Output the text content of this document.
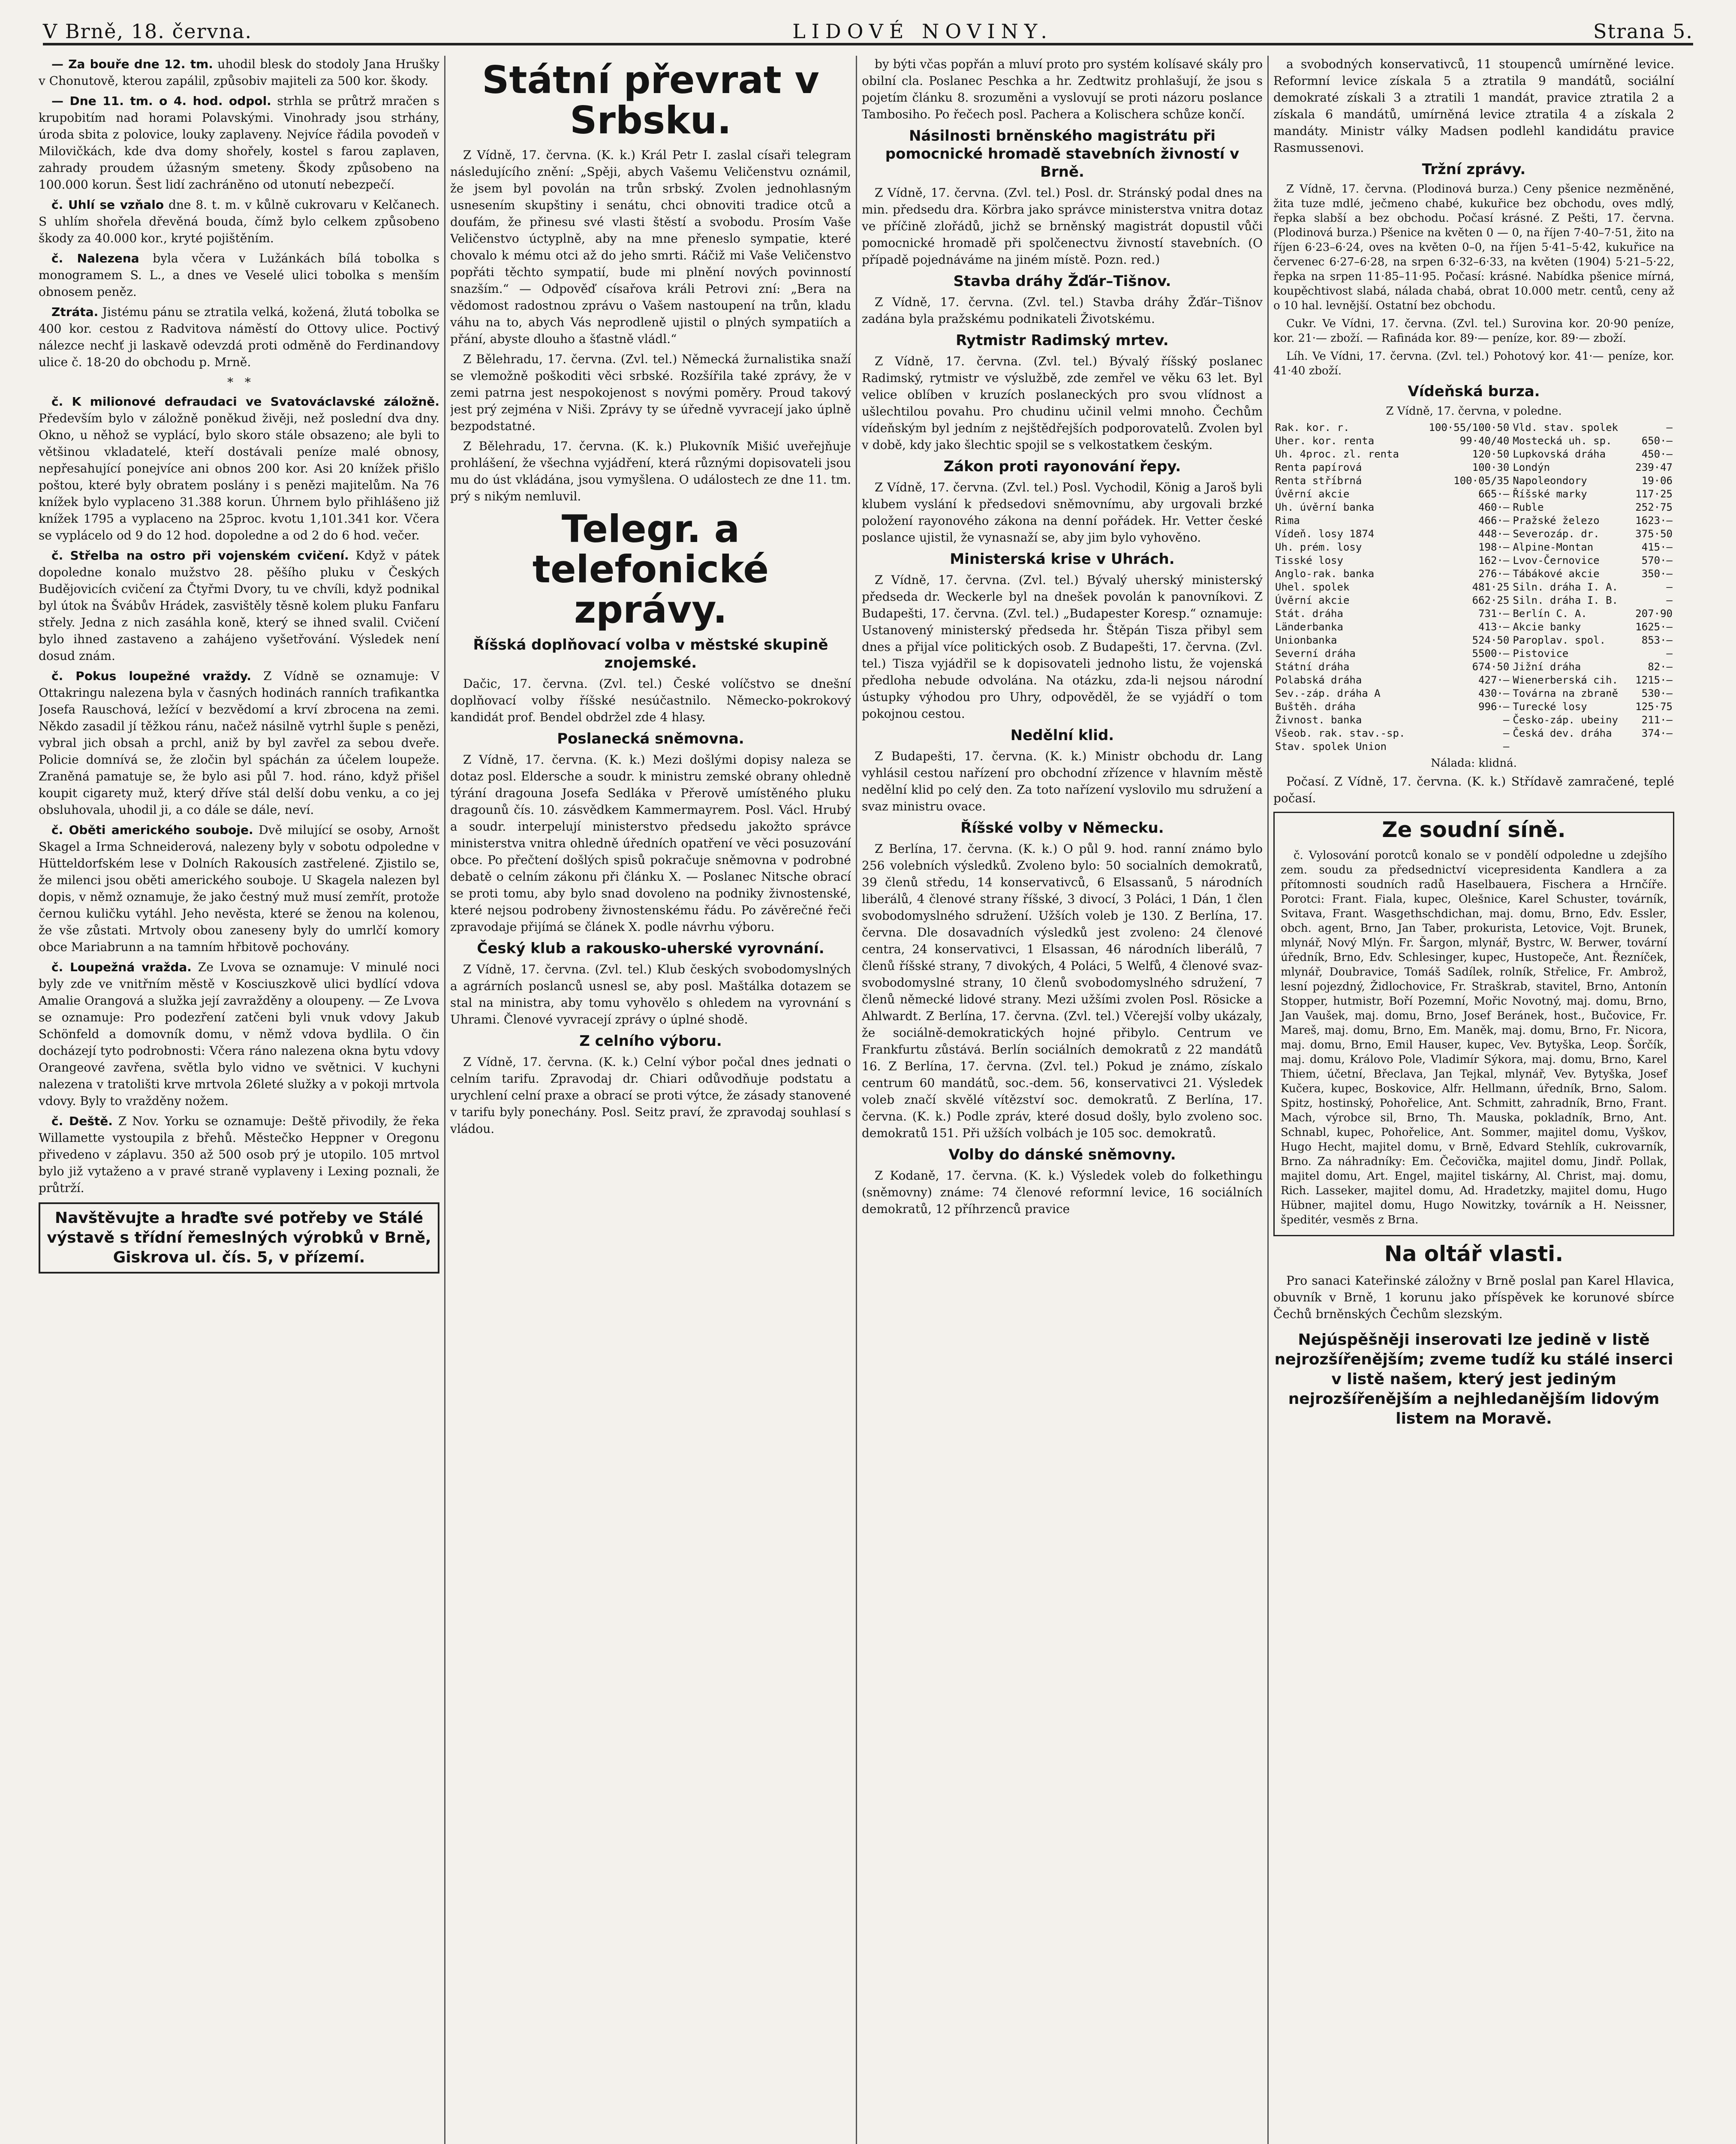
V Brně, 18. června.	LIDOVÉ NOVINY.	Strana 5.

— Za bouře dne 12. tm. uhodil blesk do stodoly Jana Hrušky v Chonutově, kterou zapálil, způsobiv majiteli za 500 kor. škody.

— Dne 11. tm. o 4. hod. odpol. strhla se průtrž mračen s krupobitím nad horami Polavskými. Vinohrady jsou strhány, úroda sbita z polovice, louky zaplaveny. Nejvíce řádila povodeň v Milovičkách, kde dva domy shořely, kostel s farou zaplaven, zahrady proudem úžasným smeteny. Škody způsobeno na 100.000 korun. Šest lidí zachráněno od utonutí nebezpečí.

č. Uhlí se vzňalo dne 8. t. m. v kůlně cukrovaru v Kelčanech. S uhlím shořela dřevěná bouda, čímž bylo celkem způsobeno škody za 40.000 kor., kryté pojištěním.

č. Nalezena byla včera v Lužánkách bílá tobolka s monogramem S. L., a dnes ve Veselé ulici tobolka s menším obnosem peněz.

Ztráta. Jistému pánu se ztratila velká, kožená, žlutá tobolka se 400 kor. cestou z Radvitova náměstí do Ottovy ulice. Poctivý nálezce nechť ji laskavě odevzdá proti odměně do Ferdinandovy ulice č. 18-20 do obchodu p. Mrně.

*   *

č. K milionové defraudaci ve Svatováclavské záložně. Především bylo v záložně poněkud živěji, než poslední dva dny. Okno, u něhož se vyplácí, bylo skoro stále obsazeno; ale byli to většinou vkladatelé, kteří dostávali peníze malé obnosy, nepřesahující ponejvíce ani obnos 200 kor. Asi 20 knížek přišlo poštou, které byly obratem poslány i s penězi majitelům. Na 76 knížek bylo vyplaceno 31.388 korun. Úhrnem bylo přihlášeno již knížek 1795 a vyplaceno na 25proc. kvotu 1,101.341 kor. Včera se vyplácelo od 9 do 12 hod. dopoledne a od 2 do 6 hod. večer.

č. Střelba na ostro při vojenském cvičení. Když v pátek dopoledne konalo mužstvo 28. pěšího pluku v Českých Budějovicích cvičení za Čtyřmi Dvory, tu ve chvíli, když podnikal byl útok na Švábův Hrádek, zasvištěly těsně kolem pluku Fanfaru střely. Jedna z nich zasáhla koně, který se ihned svalil. Cvičení bylo ihned zastaveno a zahájeno vyšetřování. Výsledek není dosud znám.

č. Pokus loupežné vraždy. Z Vídně se oznamuje: V Ottakringu nalezena byla v časných hodinách ranních trafikantka Josefa Rauschová, ležící v bezvědomí a krví zbrocena na zemi. Někdo zasadil jí těžkou ránu, načež násilně vytrhl šuple s penězi, vybral jich obsah a prchl, aniž by byl zavřel za sebou dveře. Policie domnívá se, že zločin byl spáchán za účelem loupeže. Zraněná pamatuje se, že bylo asi půl 7. hod. ráno, když přišel koupit cigarety muž, který dříve stál delší dobu venku, a co jej obsluhovala, uhodil ji, a co dále se dále, neví.

č. Oběti amerického souboje. Dvě milující se osoby, Arnošt Skagel a Irma Schneiderová, nalezeny byly v sobotu odpoledne v Hütteldorfském lese v Dolních Rakousích zastřelené. Zjistilo se, že milenci jsou oběti amerického souboje. U Skagela nalezen byl dopis, v němž oznamuje, že jako čestný muž musí zemřít, protože černou kuličku vytáhl. Jeho nevěsta, které se ženou na kolenou, že vše zůstati. Mrtvoly obou zaneseny byly do umrlčí komory obce Mariabrunn a na tamním hřbitově pochovány.

č. Loupežná vražda. Ze Lvova se oznamuje: V minulé noci byly zde ve vnitřním městě v Kosciuszkově ulici bydlící vdova Amalie Orangová a služka její zavražděny a oloupeny. — Ze Lvova se oznamuje: Pro podezření zatčeni byli vnuk vdovy Jakub Schönfeld a domovník domu, v němž vdova bydlila. O čin docházejí tyto podrobnosti: Včera ráno nalezena okna bytu vdovy Orangeové zavřena, světla bylo vidno ve světnici. V kuchyni nalezena v tratolišti krve mrtvola 26leté služky a v pokoji mrtvola vdovy. Byly to vražděny nožem.

č. Deště. Z Nov. Yorku se oznamuje: Deště přivodily, že řeka Willamette vystoupila z břehů. Městečko Heppner v Oregonu přivedeno v záplavu. 350 až 500 osob prý je utopilo. 105 mrtvol bylo již vytaženo a v pravé straně vyplaveny i Lexing poznali, že průtrží.

Navštěvujte a hraďte své potřeby ve Stálé výstavě s třídní řemeslných výrobků v Brně, Giskrova ul. čís. 5, v přízemí.
Státní převrat v Srbsku.

Z Vídně, 17. června. (K. k.) Král Petr I. zaslal císaři telegram následujícího znění: „Spěji, abych Vašemu Veličenstvu oznámil, že jsem byl povolán na trůn srbský. Zvolen jednohlasným usnesením skupštiny i senátu, chci obnoviti tradice otců a doufám, že přinesu své vlasti štěstí a svobodu. Prosím Vaše Veličenstvo úctyplně, aby na mne přeneslo sympatie, které chovalo k mému otci až do jeho smrti. Ráčiž mi Vaše Veličenstvo popřáti těchto sympatií, bude mi plnění nových povinností snazším.“ — Odpověď císařova králi Petrovi zní: „Bera na vědomost radostnou zprávu o Vašem nastoupení na trůn, kladu váhu na to, abych Vás neprodleně ujistil o plných sympatiích a přání, abyste dlouho a šťastně vládl.“

Z Bělehradu, 17. června. (Zvl. tel.) Německá žurnalistika snaží se vlemožně poškoditi věci srbské. Rozšířila také zprávy, že v zemi patrna jest nespokojenost s novými poměry. Proud takový jest prý zejména v Niši. Zprávy ty se úředně vyvracejí jako úplně bezpodstatné.

Z Bělehradu, 17. června. (K. k.) Plukovník Mišić uveřejňuje prohlášení, že všechna vyjádření, která různými dopisovateli jsou mu do úst vkládána, jsou vymyšlena. O událostech ze dne 11. tm. prý s nikým nemluvil.

Telegr. a telefonické zprávy.
Říšská doplňovací volba v městské skupině znojemské.

Dačic, 17. června. (Zvl. tel.) České volíčstvo se dnešní doplňovací volby říšské nesúčastnilo. Německo-pokrokový kandidát prof. Bendel obdržel zde 4 hlasy.

Poslanecká sněmovna.

Z Vídně, 17. června. (K. k.) Mezi došlými dopisy naleza se dotaz posl. Eldersche a soudr. k ministru zemské obrany ohledně týrání dragouna Josefa Sedláka v Přerově umístěného pluku dragounů čís. 10. zásvědkem Kammermayrem. Posl. Václ. Hrubý a soudr. interpelují ministerstvo předsedu jakožto správce ministerstva vnitra ohledně úředních opatření ve věci posuzování obce. Po přečtení došlých spisů pokračuje sněmovna v podrobné debatě o celním zákonu při článku X. — Poslanec Nitsche obrací se proti tomu, aby bylo snad dovoleno na podniky živnostenské, které nejsou podrobeny živnostenskému řádu. Po závěrečné řeči zpravodaje přijímá se článek X. podle návrhu výboru.

Český klub a rakousko-uherské vyrovnání.

Z Vídně, 17. června. (Zvl. tel.) Klub českých svobodomyslných a agrárních poslanců usnesl se, aby posl. Maštálka dotazem se stal na ministra, aby tomu vyhovělo s ohledem na vyrovnání s Uhrami. Členové vyvracejí zprávy o úplné shodě.

Z celního výboru.

Z Vídně, 17. června. (K. k.) Celní výbor počal dnes jednati o celním tarifu. Zpravodaj dr. Chiari odůvodňuje podstatu a urychlení celní praxe a obrací se proti výtce, že zásady stanovené v tarifu byly ponechány. Posl. Seitz praví, že zpravodaj souhlasí s vládou.

by býti včas popřán a mluví proto pro systém kolísavé skály pro obilní cla. Poslanec Peschka a hr. Zedtwitz prohlašují, že jsou s pojetím článku 8. srozuměni a vyslovují se proti názoru poslance Tambosiho. Po řečech posl. Pachera a Kolischera schůze končí.

Násilnosti brněnského magistrátu při pomocnické hromadě stavebních živností v Brně.

Z Vídně, 17. června. (Zvl. tel.) Posl. dr. Stránský podal dnes na min. předsedu dra. Körbra jako správce ministerstva vnitra dotaz ve příčině zlořádů, jichž se brněnský magistrát dopustil vůči pomocnické hromadě při spolčenectvu živností stavebních. (O případě pojednáváme na jiném místě. Pozn. red.)

Stavba dráhy Žďár–Tišnov.

Z Vídně, 17. června. (Zvl. tel.) Stavba dráhy Žďár–Tišnov zadána byla pražskému podnikateli Životskému.

Rytmistr Radimský mrtev.

Z Vídně, 17. června. (Zvl. tel.) Bývalý říšský poslanec Radimský, rytmistr ve výslužbě, zde zemřel ve věku 63 let. Byl velice oblíben v kruzích poslaneckých pro svou vlídnost a ušlechtilou povahu. Pro chudinu učinil velmi mnoho. Čechům vídeňským byl jedním z nejštědřejších podporovatelů. Zvolen byl v době, kdy jako šlechtic spojil se s velkostatkem českým.

Zákon proti rayonování řepy.

Z Vídně, 17. června. (Zvl. tel.) Posl. Vychodil, König a Jaroš byli klubem vyslání k předsedovi sněmovnímu, aby urgovali brzké položení rayonového zákona na denní pořádek. Hr. Vetter české poslance ujistil, že vynasnaží se, aby jim bylo vyhověno.

Ministerská krise v Uhrách.

Z Vídně, 17. června. (Zvl. tel.) Bývalý uherský ministerský předseda dr. Weckerle byl na dnešek povolán k panovníkovi. Z Budapešti, 17. června. (Zvl. tel.) „Budapester Koresp.“ oznamuje: Ustanovený ministerský předseda hr. Štěpán Tisza přibyl sem dnes a přijal více politických osob. Z Budapešti, 17. června. (Zvl. tel.) Tisza vyjádřil se k dopisovateli jednoho listu, že vojenská předloha nebude odvolána. Na otázku, zda-li nejsou národní ústupky výhodou pro Uhry, odpověděl, že se vyjádří o tom pokojnou cestou.

Nedělní klid.

Z Budapešti, 17. června. (K. k.) Ministr obchodu dr. Lang vyhlásil cestou nařízení pro obchodní zřízence v hlavním městě nedělní klid po celý den. Za toto nařízení vyslovilo mu sdružení a svaz ministru ovace.

Říšské volby v Německu.

Z Berlína, 17. června. (K. k.) O půl 9. hod. ranní známo bylo 256 volebních výsledků. Zvoleno bylo: 50 socialních demokratů, 39 členů středu, 14 konservativců, 6 Elsassanů, 5 národních liberálů, 4 členové strany říšské, 3 divocí, 3 Poláci, 1 Dán, 1 člen svobodomyslného sdružení. Užších voleb je 130. Z Berlína, 17. června. Dle dosavadních výsledků jest zvoleno: 24 členové centra, 24 konservativci, 1 Elsassan, 46 národních liberálů, 7 členů říšské strany, 7 divokých, 4 Poláci, 5 Welfů, 4 členové svaz-svobodomyslné strany, 10 členů svobodomyslného sdružení, 7 členů německé lidové strany. Mezi užšími zvolen Posl. Rösicke a Ahlwardt. Z Berlína, 17. června. (Zvl. tel.) Včerejší volby ukázaly, že sociálně-demokratických hojné přibylo. Centrum ve Frankfurtu zůstává. Berlín sociálních demokratů z 22 mandátů 16. Z Berlína, 17. června. (Zvl. tel.) Pokud je známo, získalo centrum 60 mandátů, soc.-dem. 56, konservativci 21. Výsledek voleb značí skvělé vítězství soc. demokratů. Z Berlína, 17. června. (K. k.) Podle zpráv, které dosud došly, bylo zvoleno soc. demokratů 151. Při užších volbách je 105 soc. demokratů.

Volby do dánské sněmovny.

Z Kodaně, 17. června. (K. k.) Výsledek voleb do folkethingu (sněmovny) známe: 74 členové reformní levice, 16 sociálních demokratů, 12 příhrzenců pravice

a svobodných konservativců, 11 stoupenců umírněné levice. Reformní levice získala 5 a ztratila 9 mandátů, sociální demokraté získali 3 a ztratili 1 mandát, pravice ztratila 2 a získala 6 mandátů, umírněná levice ztratila 4 a získala 2 mandáty. Ministr války Madsen podlehl kandidátu pravice Rasmussenovi.

Tržní zprávy.

Z Vídně, 17. června. (Plodinová burza.) Ceny pšenice nezměněné, žita tuze mdlé, ječmeno chabé, kukuřice bez obchodu, oves mdlý, řepka slabší a bez obchodu. Počasí krásné. Z Pešti, 17. června. (Plodinová burza.) Pšenice na květen 0 — 0, na říjen 7·40–7·51, žito na říjen 6·23–6·24, oves na květen 0–0, na říjen 5·41–5·42, kukuřice na červenec 6·27–6·28, na srpen 6·32–6·33, na květen (1904) 5·21–5·22, řepka na srpen 11·85–11·95. Počasí: krásné. Nabídka pšenice mírná, koupěchtivost slabá, nálada chabá, obrat 10.000 metr. centů, ceny až o 10 hal. levnější. Ostatní bez obchodu.

Cukr. Ve Vídni, 17. června. (Zvl. tel.) Surovina kor. 20·90 peníze, kor. 21·— zboží. — Rafináda kor. 89·— peníze, kor. 89·— zboží.

Líh. Ve Vídni, 17. června. (Zvl. tel.) Pohotový kor. 41·— peníze, kor. 41·40 zboží.

Vídeňská burza.
Z Vídně, 17. června, v poledne.
Rak. kor. r.	100·55/100·50	Vld. stav. spolek	—
Uher. kor. renta	99·40/40	Mostecká uh. sp.	650·—
Uh. 4proc. zl. renta	120·50	Lupkovská dráha	450·—
Renta papírová	100·30	Londýn	239·47
Renta stříbrná	100·05/35	Napoleondory	19·06
Úvěrní akcie	665·—	Říšské marky	117·25
Uh. úvěrní banka	460·—	Ruble	252·75
Rima	466·—	Pražské železo	1623·—
Vídeň. losy 1874	448·—	Severozáp. dr.	375·50
Uh. prém. losy	198·—	Alpine-Montan	415·—
Tisské losy	162·—	Lvov-Černovice	570·—
Anglo-rak. banka	276·—	Tábákové akcie	350·—
Uhel. spolek	481·25	Siln. dráha I. A.	—
Úvěrní akcie	662·25	Siln. dráha I. B.	—
Stát. dráha	731·—	Berlín C. A.	207·90
Länderbanka	413·—	Akcie banky	1625·—
Unionbanka	524·50	Paroplav. spol.	853·—
Severní dráha	5500·—	Pistovice	—
Státní dráha	674·50	Jižní dráha	82·—
Polabská dráha	427·—	Wienerberská cih.	1215·—
Sev.-záp. dráha A	430·—	Továrna na zbraně	530·—
Buštěh. dráha	996·—	Turecké losy	125·75
Živnost. banka	—	Česko-záp. ubeiny	211·—
Všeob. rak. stav.-sp.	—	Česká dev. dráha	374·—
Stav. spolek Union	—		
Nálada: klidná.

Počasí. Z Vídně, 17. června. (K. k.) Střídavě zamračené, teplé počasí.

Ze soudní síně.

č. Vylosování porotců konalo se v pondělí odpoledne u zdejšího zem. soudu za předsednictví vicepresidenta Kandlera a za přítomnosti soudních radů Haselbauera, Fischera a Hrnčíře. Porotci: Frant. Fiala, kupec, Olešnice, Karel Schuster, továrník, Svitava, Frant. Wasgethschdichan, maj. domu, Brno, Edv. Essler, obch. agent, Brno, Jan Taber, prokurista, Letovice, Vojt. Brunek, mlynář, Nový Mlýn. Fr. Šargon, mlynář, Bystrc, W. Berwer, tovární úředník, Brno, Edv. Schlesinger, kupec, Hustopeče, Ant. Řezníček, mlynář, Doubravice, Tomáš Sadílek, rolník, Střelice, Fr. Ambrož, lesní pojezdný, Židlochovice, Fr. Straškrab, stavitel, Brno, Antonín Stopper, hutmistr, Boří Pozemní, Mořic Novotný, maj. domu, Brno, Jan Vaušek, maj. domu, Brno, Josef Beránek, host., Bučovice, Fr. Mareš, maj. domu, Brno, Em. Maněk, maj. domu, Brno, Fr. Nicora, maj. domu, Brno, Emil Hauser, kupec, Vev. Bytyška, Leop. Šorčík, maj. domu, Královo Pole, Vladimír Sýkora, maj. domu, Brno, Karel Thiem, účetní, Břeclava, Jan Tejkal, mlynář, Vev. Bytyška, Josef Kučera, kupec, Boskovice, Alfr. Hellmann, úředník, Brno, Salom. Spitz, hostinský, Pohořelice, Ant. Schmitt, zahradník, Brno, Frant. Mach, výrobce sil, Brno, Th. Mauska, pokladník, Brno, Ant. Schnabl, kupec, Pohořelice, Ant. Sommer, majitel domu, Vyškov, Hugo Hecht, majitel domu, v Brně, Edvard Stehlík, cukrovarník, Brno. Za náhradníky: Em. Čečovička, majitel domu, Jindř. Pollak, majitel domu, Art. Engel, majitel tiskárny, Al. Christ, maj. domu, Rich. Lasseker, majitel domu, Ad. Hradetzky, majitel domu, Hugo Hübner, majitel domu, Hugo Nowitzky, továrník a H. Neissner, špeditér, vesměs z Brna.

Na oltář vlasti.

Pro sanaci Kateřinské záložny v Brně poslal pan Karel Hlavica, obuvník v Brně, 1 korunu jako příspěvek ke korunové sbírce Čechů brněnských Čechům slezským.

Nejúspěšněji inserovati lze jedině v listě nejrozšířenějším; zveme tudíž ku stálé inserci v listě našem, který jest jediným nejrozšířenějším a nejhledanějším lidovým listem na Moravě.
